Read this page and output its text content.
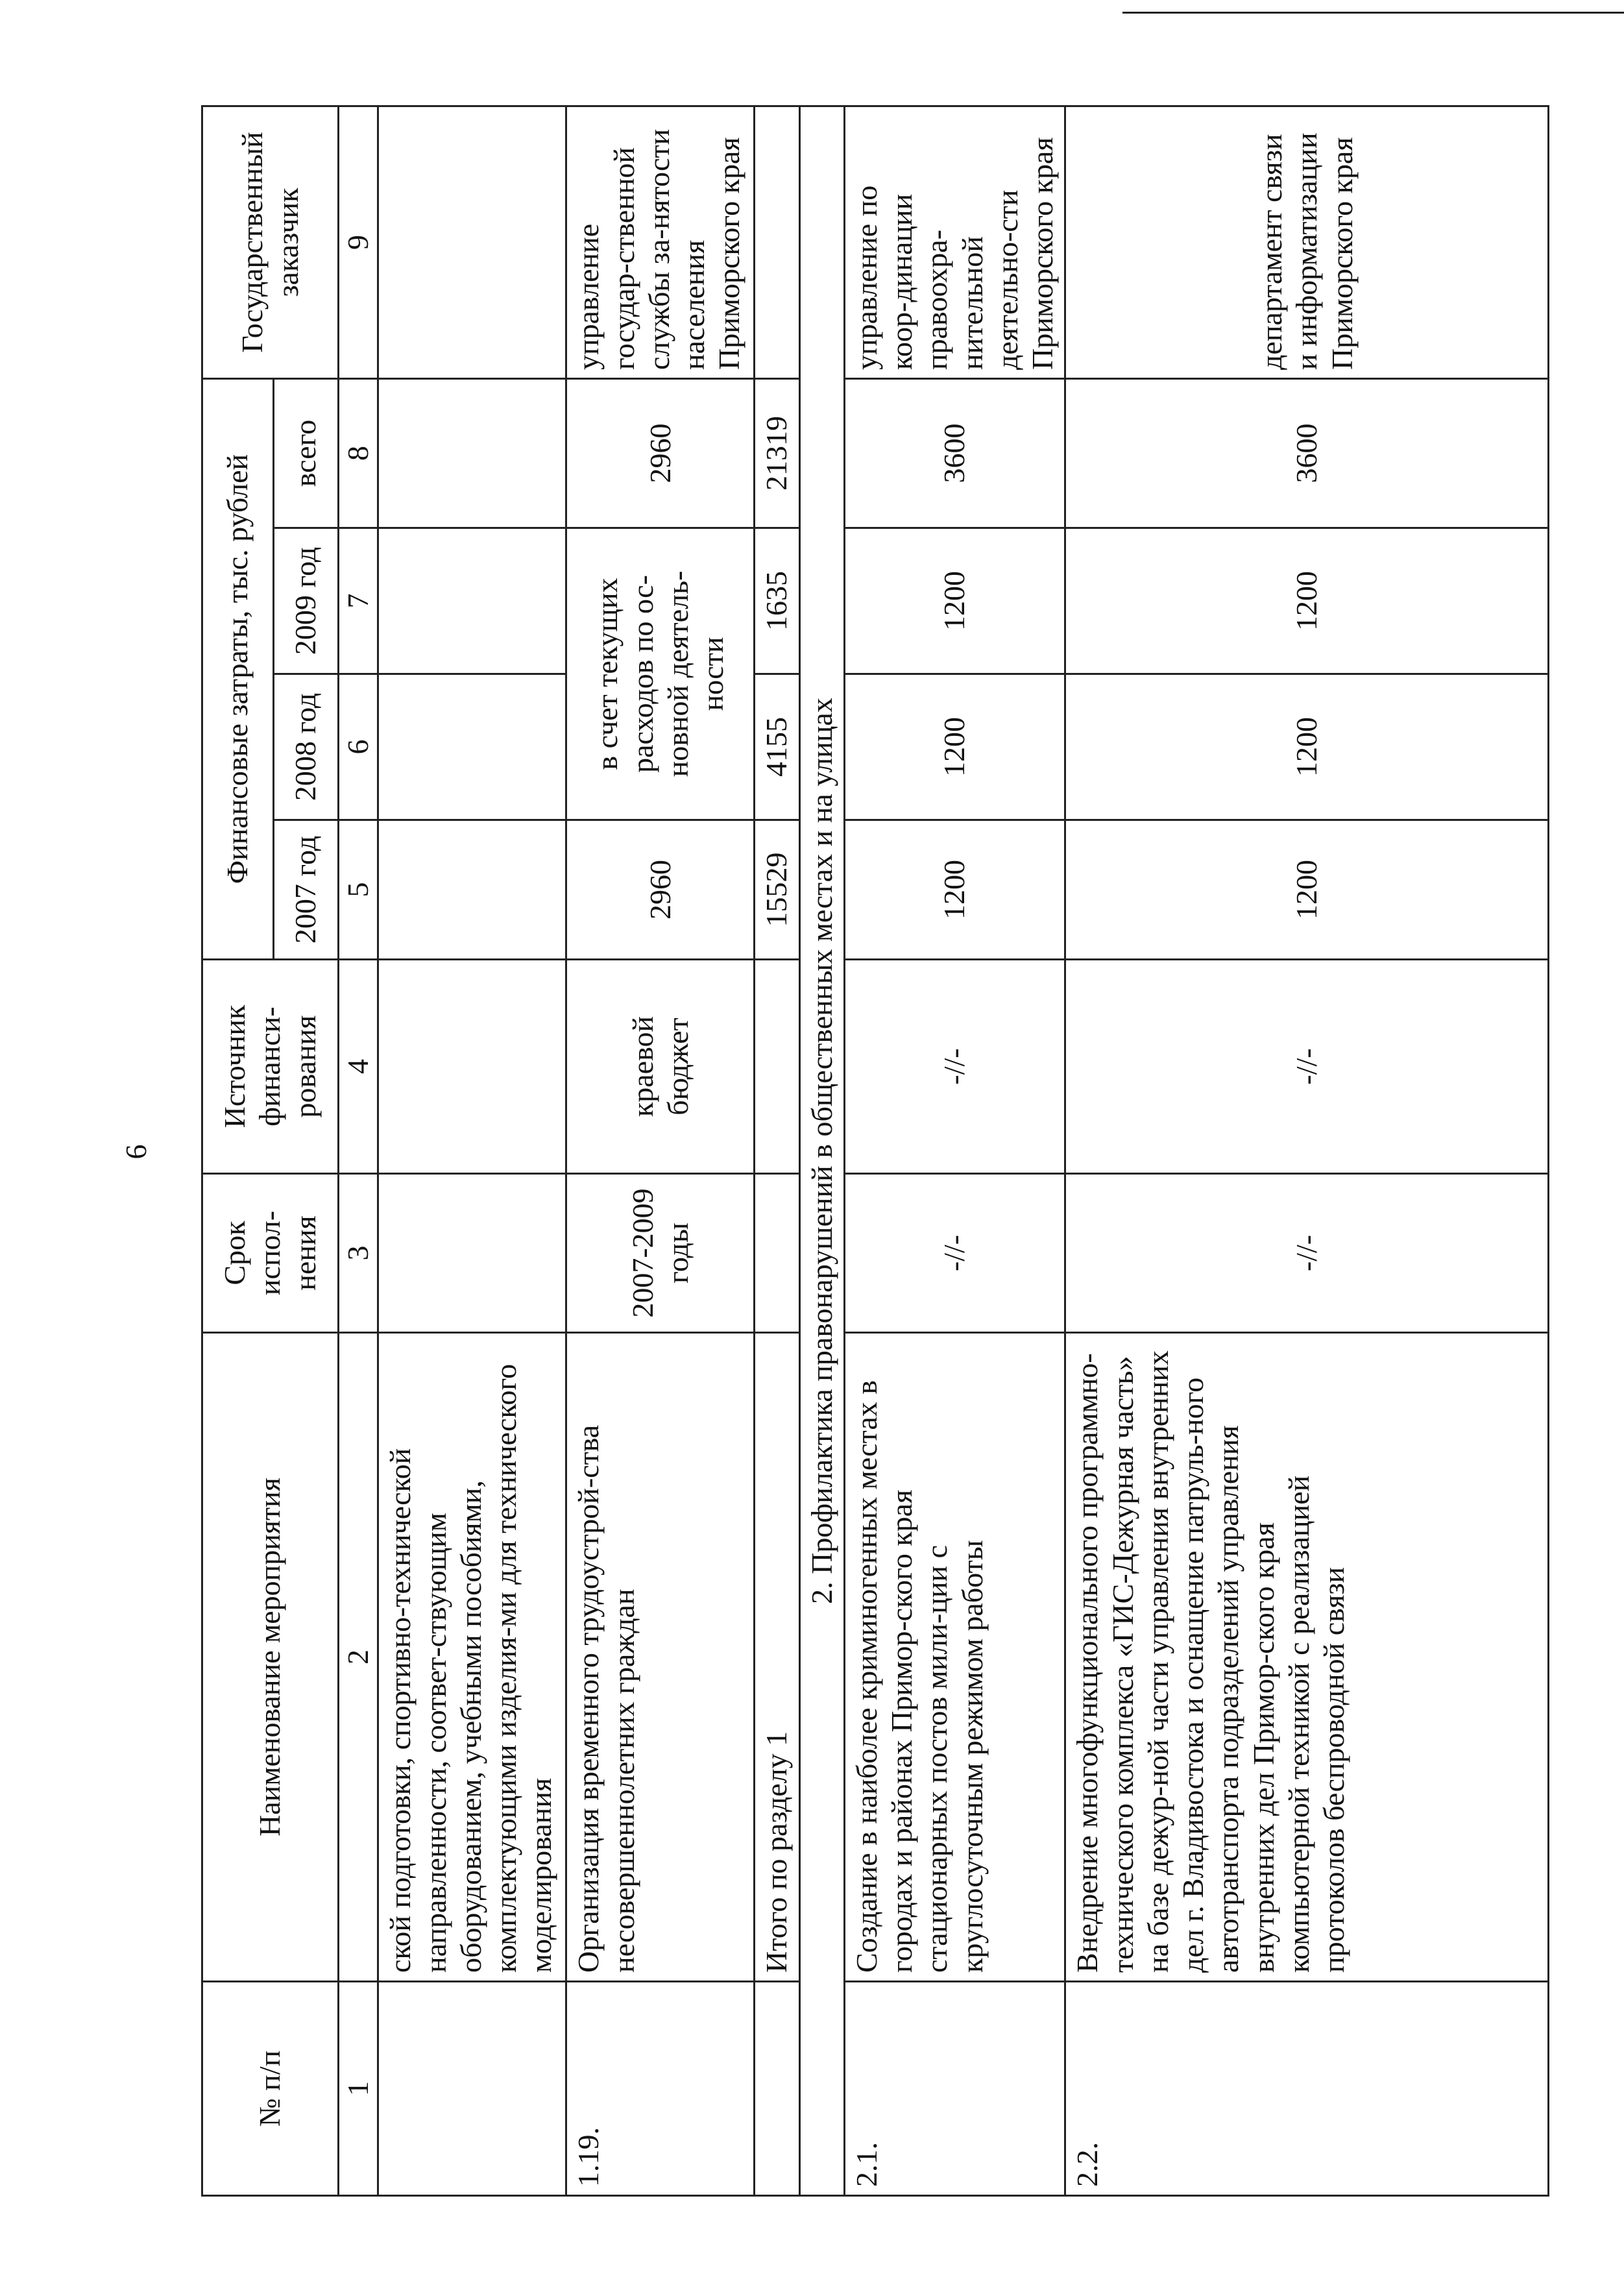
6
№ п/п	Наименование мероприятия	Срок испол-нения	Источник финанси-рования	Финансовые затраты, тыс. рублей				Государственный заказчик
				2007 год	2008 год	2009 год	всего	
1	2	3	4	5	6	7	8	9
	ской подготовки, спортивно-технической направленности, соответ-ствующим оборудованием, учебными пособиями, комплектующими изделия-ми для технического моделирования							
1.19.	Организация временного трудоустрой-ства несовершеннолетних граждан	2007-2009 годы	краевой бюджет	2960	в счет текущих расходов по ос-новной деятель-ности		2960	управление государ-ственной службы за-нятости населения Приморского края
	Итого по разделу 1			15529	4155	1635	21319	
2. Профилактика правонарушений в общественных местах и на улицах								
2.1.	Создание в наиболее криминогенных местах в городах и районах Примор-ского края стационарных постов мили-ции с круглосуточным режимом работы	-//-	-//-	1200	1200	1200	3600	управление по коор-динации правоохра-нительной деятельно-сти Приморского края
2.2.	Внедрение многофункционального программно-технического комплекса «ГИС-Дежурная часть» на базе дежур-ной части управления внутренних дел г. Владивостока и оснащение патруль-ного автотранспорта подразделений управления внутренних дел Примор-ского края компьютерной техникой с реализацией протоколов беспроводной связи	-//-	-//-	1200	1200	1200	3600	департамент связи и информатизации Приморского края
